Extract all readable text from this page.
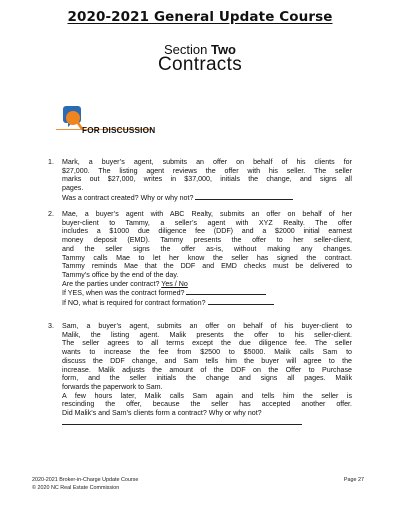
2020-2021 General Update Course
Section Two
Contracts
FOR DISCUSSION
1. Mark, a buyer’s agent, submits an offer on behalf of his clients for
$27,000. The listing agent reviews the offer with his seller. The seller
marks out $27,000, writes in $37,000, initials the change, and signs all
pages.
Was a contract created? Why or why not?
2. Mae, a buyer’s agent with ABC Realty, submits an offer on behalf of her
buyer-client to Tammy, a seller’s agent with XYZ Realty. The offer
includes a $1000 due diligence fee (DDF) and a $2000 initial earnest
money deposit (EMD). Tammy presents the offer to her seller-client,
and the seller signs the offer as-is, without making any changes.
Tammy calls Mae to let her know the seller has signed the contract.
Tammy reminds Mae that the DDF and EMD checks must be delivered to
Tammy’s office by the end of the day.
Are the parties under contract? Yes / No
If YES, when was the contract formed?
If NO, what is required for contract formation?
3. Sam, a buyer’s agent, submits an offer on behalf of his buyer-client to
Malik, the listing agent. Malik presents the offer to his seller-client.
The seller agrees to all terms except the due diligence fee. The seller
wants to increase the fee from $2500 to $5000. Malik calls Sam to
discuss the DDF change, and Sam tells him the buyer will agree to the
increase. Malik adjusts the amount of the DDF on the Offer to Purchase
form, and the seller initials the change and signs all pages. Malik
forwards the paperwork to Sam.
A few hours later, Malik calls Sam again and tells him the seller is
rescinding the offer, because the seller has accepted another offer.
Did Malik’s and Sam’s clients form a contract? Why or why not?
2020-2021 Broker-in-Charge Update Course
© 2020 NC Real Estate Commission
Page 27
